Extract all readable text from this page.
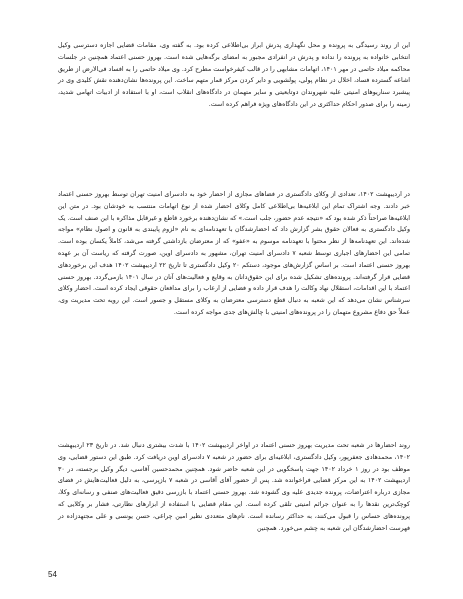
این از روند رسیدگی به پرونده و محل نگهداری پدرش ابراز بی‌اطلاعی کرده بود. به گفته وی، مقامات قضایی اجازه دسترسی وکیل انتخابی خانواده به پرونده را نداده و پدرش در انفرادی مجبور به امضای برگه‌هایی شده است. بهروز حسنی اعتماد همچنین در جلسات محاکمه میلاد حاتمی در مهر ۱۴۰۱، اتهامات مشابهی را در قالب کیفرخواست مطرح کرد. وی میلاد حاتمی را به افساد فی‌الارض از طریق اشاعه گسترده فساد، اخلال در نظام پولی، پولشویی و دایر کردن مرکز قمار متهم ساخت. این پرونده‌ها نشان‌دهنده نقش کلیدی وی در پیشبرد سناریوهای امنیتی علیه شهروندان دوتابعیتی و سایر متهمان در دادگاه‌های انقلاب است، او با استفاده از ادبیات اتهامی شدید، زمینه را برای صدور احکام حداکثری در این دادگاه‌های ویژه فراهم کرده است.

در اردیبهشت ۱۴۰۲، تعدادی از وکلای دادگستری در فضاهای مجازی از احضار خود به دادسرای امنیت تهران توسط بهروز حسنی اعتماد خبر دادند. وجه اشتراک تمام این ابلاغیه‌ها بی‌اطلاعی کامل وکلای احضار شده از نوع اتهامات منتسب به خودشان بود. در متن این ابلاغیه‌ها صراحتاً ذکر شده بود که «نتیجه عدم حضور، جلب است.» که نشان‌دهنده برخورد قاطع و غیرقابل مذاکره با این صنف است. یک وکیل دادگستری به فعالان حقوق بشر گزارش داد که احضارشدگان با تعهدنامه‌ای به نام «لزوم پایبندی به قانون و اصول نظام» مواجه شده‌اند. این تعهدنامه‌ها از نظر محتوا با تعهدنامه موسوم به «عفو» که از معترضان بازداشتی گرفته می‌شد، کاملاً یکسان بوده است. تمامی این احضارهای اجباری توسط شعبه ۷ دادسرای امنیت تهران، مشهور به دادسرای اوین، صورت گرفته که ریاست آن بر عهده بهروز حسنی اعتماد است. بر اساس گزارش‌های موجود، دستکم ۲۰ وکیل دادگستری تا تاریخ ۲۲ اردیبهشت ۱۴۰۲ هدف این برخوردهای قضایی قرار گرفته‌اند. پرونده‌های تشکیل شده برای این حقوق‌دانان به وقایع و فعالیت‌های آنان در سال ۱۴۰۱ بازمی‌گردد. بهروز حسنی اعتماد با این اقدامات، استقلال نهاد وکالت را هدف قرار داده و فضایی از ارعاب را برای مدافعان حقوقی ایجاد کرده است. احضار وکلای سرشناس نشان می‌دهد که این شعبه به دنبال قطع دسترسی معترضان به وکلای مستقل و جسور است. این رویه تحت مدیریت وی، عملاً حق دفاع مشروع متهمان را در پرونده‌های امنیتی با چالش‌های جدی مواجه کرده است.

روند احضارها در شعبه تحت مدیریت بهروز حسنی اعتماد در اواخر اردیبهشت ۱۴۰۲ با شدت بیشتری دنبال شد. در تاریخ ۲۳ اردیبهشت ۱۴۰۲، محمدهادی جعفرپور، وکیل دادگستری، ابلاغیه‌ای برای حضور در شعبه ۷ دادسرای اوین دریافت کرد. طبق این دستور قضایی، وی موظف بود در روز ۱ خرداد ۱۴۰۲ جهت پاسخگویی در این شعبه حاضر شود. همچنین محمدحسین آقاسی، دیگر وکیل برجسته، در ۳۰ اردیبهشت ۱۴۰۲ به این مرکز قضایی فراخوانده شد. پس از حضور آقای آقاسی در شعبه ۷ بازپرسی، به دلیل فعالیت‌هایش در فضای مجازی درباره اعتراضات، پرونده جدیدی علیه وی گشوده شد. بهروز حسنی اعتماد با بازرسی دقیق فعالیت‌های صنفی و رسانه‌ای وکلا، کوچک‌ترین نقدها را به عنوان جرائم امنیتی تلقی کرده است. این مقام قضایی با استفاده از ابزارهای نظارتی، فشار بر وکلایی که پرونده‌های حساس را قبول می‌کنند، به حداکثر رسانده است. نام‌های متعددی نظیر امین چراغی، حسن یونسی و علی مجتهدزاده در فهرست احضارشدگان این شعبه به چشم می‌خورد. همچنین

54
